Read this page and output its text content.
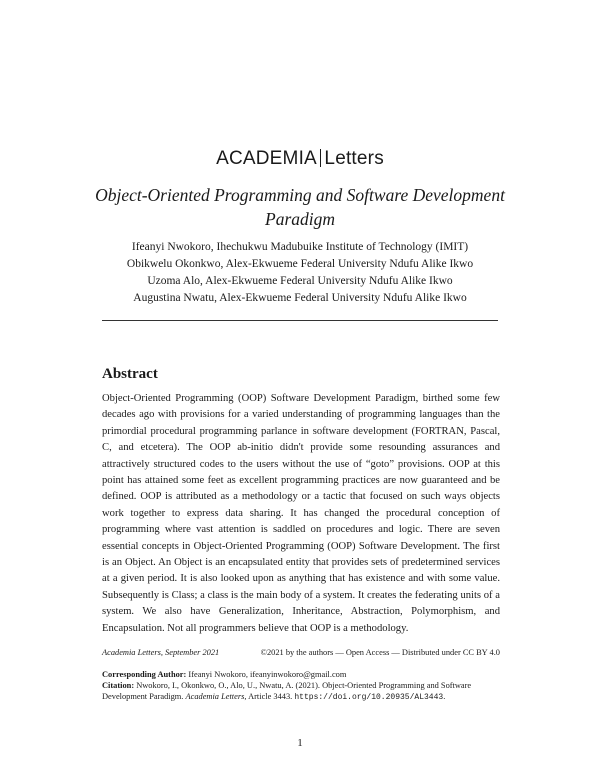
ACADEMIA Letters
Object-Oriented Programming and Software Development Paradigm
Ifeanyi Nwokoro, Ihechukwu Madubuike Institute of Technology (IMIT)
Obikwelu Okonkwo, Alex-Ekwueme Federal University Ndufu Alike Ikwo
Uzoma Alo, Alex-Ekwueme Federal University Ndufu Alike Ikwo
Augustina Nwatu, Alex-Ekwueme Federal University Ndufu Alike Ikwo
Abstract
Object-Oriented Programming (OOP) Software Development Paradigm, birthed some few decades ago with provisions for a varied understanding of programming languages than the primordial procedural programming parlance in software development (FORTRAN, Pascal, C, and etcetera). The OOP ab-initio didn't provide some resounding assurances and attractively structured codes to the users without the use of “goto” provisions. OOP at this point has attained some feet as excellent programming practices are now guaranteed and be defined. OOP is attributed as a methodology or a tactic that focused on such ways objects work together to express data sharing. It has changed the procedural conception of programming where vast attention is saddled on procedures and logic. There are seven essential concepts in Object-Oriented Programming (OOP) Software Development. The first is an Object. An Object is an encapsulated entity that provides sets of predetermined services at a given period. It is also looked upon as anything that has existence and with some value. Subsequently is Class; a class is the main body of a system. It creates the federating units of a system. We also have Generalization, Inheritance, Abstraction, Polymorphism, and Encapsulation. Not all programmers believe that OOP is a methodology.
Academia Letters, September 2021	©2021 by the authors — Open Access — Distributed under CC BY 4.0
Corresponding Author: Ifeanyi Nwokoro, ifeanyinwokoro@gmail.com
Citation: Nwokoro, I., Okonkwo, O., Alo, U., Nwatu, A. (2021). Object-Oriented Programming and Software Development Paradigm. Academia Letters, Article 3443. https://doi.org/10.20935/AL3443.
1
